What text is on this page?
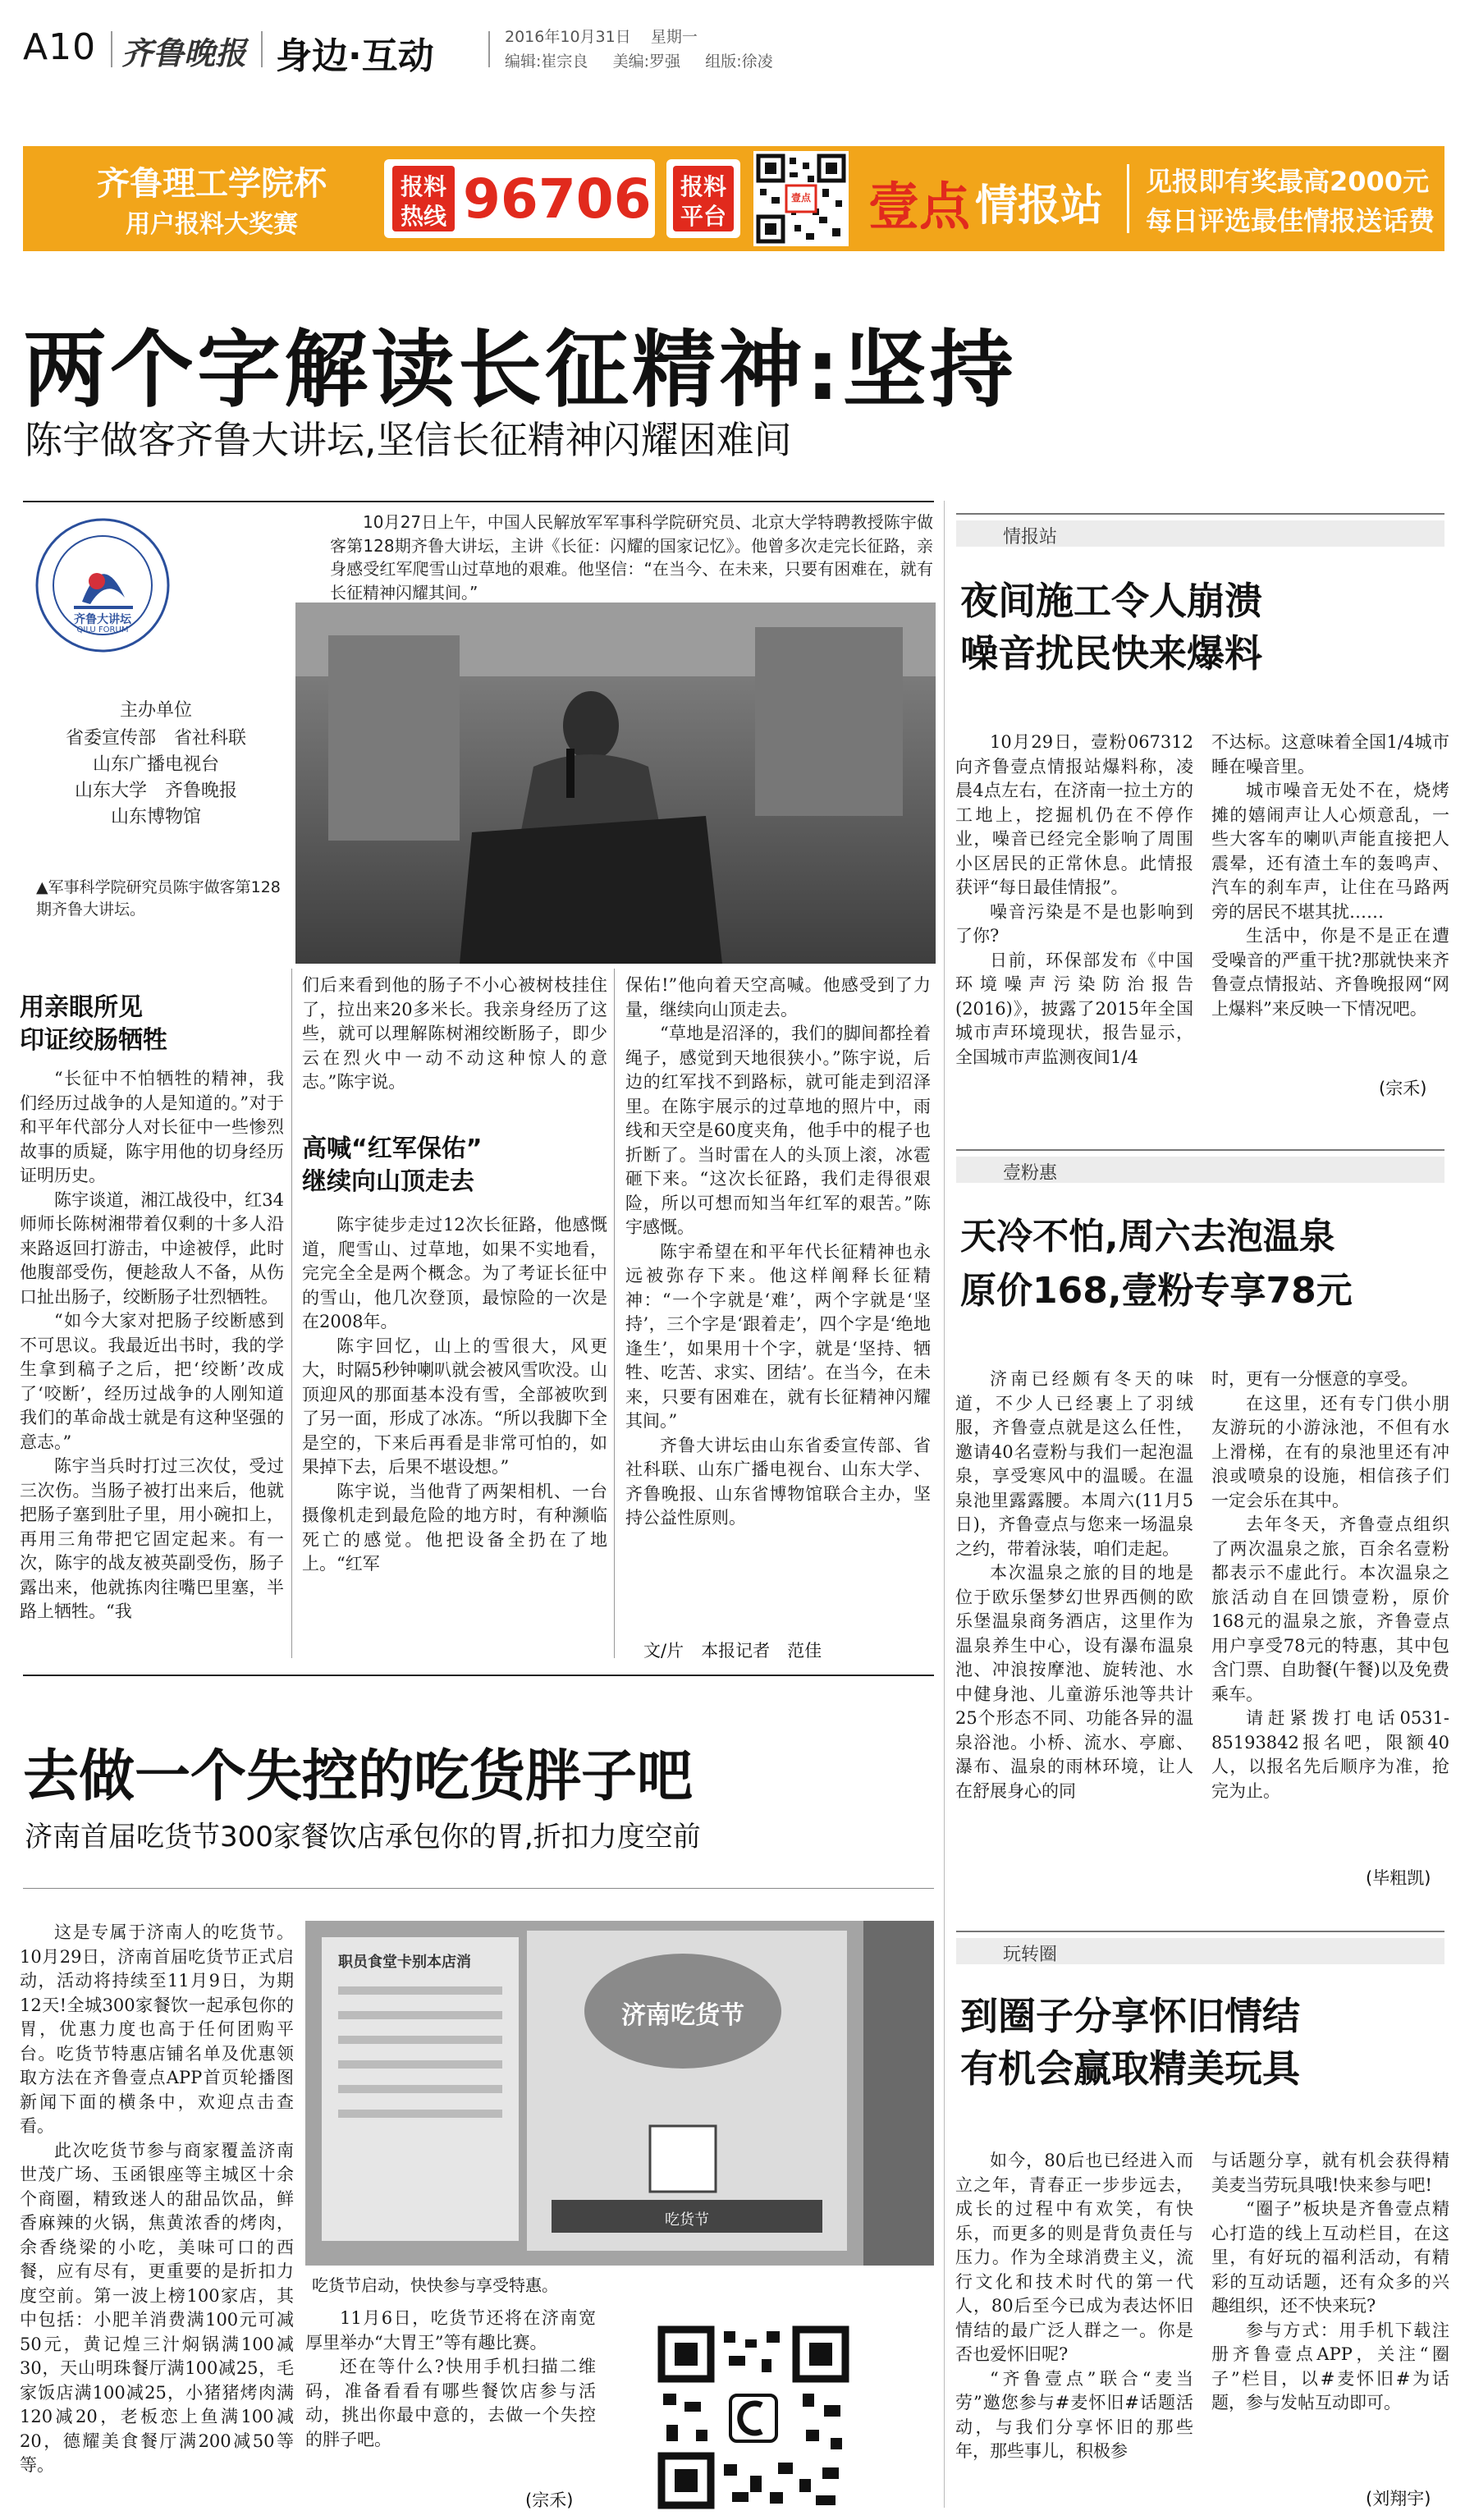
A10 齐鲁晚报 身边·互动	2016年10月31日 星期一
编辑:崔宗良 美编:罗强 组版:徐凌
齐鲁理工学院杯
用户报料大奖赛
报料
热线 96706	报料
平台
壹点 壹点 情报站 见报即有奖最高2000元
每日评选最佳情报送话费
两个字解读长征精神:坚持
陈宇做客齐鲁大讲坛,坚信长征精神闪耀困难间
齐鲁大讲坛
QILU FORUM
主办单位
省委宣传部　省社科联
山东广播电视台
山东大学　齐鲁晚报
山东博物馆
▲军事科学院研究员陈宇做客第128期齐鲁大讲坛。
10月27日上午，中国人民解放军军事科学院研究员、北京大学特聘教授陈宇做客第128期齐鲁大讲坛，主讲《长征：闪耀的国家记忆》。他曾多次走完长征路，亲身感受红军爬雪山过草地的艰难。他坚信：“在当今、在未来，只要有困难在，就有长征精神闪耀其间。”
用亲眼所见
印证绞肠牺牲

“长征中不怕牺牲的精神，我们经历过战争的人是知道的。”对于和平年代部分人对长征中一些惨烈故事的质疑，陈宇用他的切身经历证明历史。

陈宇谈道，湘江战役中，红34师师长陈树湘带着仅剩的十多人沿来路返回打游击，中途被俘，此时他腹部受伤，便趁敌人不备，从伤口扯出肠子，绞断肠子壮烈牺牲。

“如今大家对把肠子绞断感到不可思议。我最近出书时，我的学生拿到稿子之后，把‘绞断’改成了‘咬断’，经历过战争的人刚知道我们的革命战士就是有这种坚强的意志。”

陈宇当兵时打过三次仗，受过三次伤。当肠子被打出来后，他就把肠子塞到肚子里，用小碗扣上，再用三角带把它固定起来。有一次，陈宇的战友被英副受伤，肠子露出来，他就拣肉往嘴巴里塞，半路上牺牲。“我

们后来看到他的肠子不小心被树枝挂住了，拉出来20多米长。我亲身经历了这些，就可以理解陈树湘绞断肠子，即少云在烈火中一动不动这种惊人的意志。”陈宇说。

高喊“红军保佑”
继续向山顶走去

陈宇徒步走过12次长征路，他感慨道，爬雪山、过草地，如果不实地看，完完全全是两个概念。为了考证长征中的雪山，他几次登顶，最惊险的一次是在2008年。

陈宇回忆，山上的雪很大，风更大，时隔5秒钟喇叭就会被风雪吹没。山顶迎风的那面基本没有雪，全部被吹到了另一面，形成了冰冻。“所以我脚下全是空的，下来后再看是非常可怕的，如果掉下去，后果不堪设想。”

陈宇说，当他背了两架相机、一台摄像机走到最危险的地方时，有种濒临死亡的感觉。他把设备全扔在了地上。“红军

保佑!”他向着天空高喊。他感受到了力量，继续向山顶走去。

“草地是沼泽的，我们的脚间都拴着绳子，感觉到天地很狭小。”陈宇说，后边的红军找不到路标，就可能走到沼泽里。在陈宇展示的过草地的照片中，雨线和天空是60度夹角，他手中的棍子也折断了。当时雷在人的头顶上滚，冰雹砸下来。“这次长征路，我们走得很艰险，所以可想而知当年红军的艰苦。”陈宇感慨。

陈宇希望在和平年代长征精神也永远被弥存下来。他这样阐释长征精神：“一个字就是‘难’，两个字就是‘坚持’，三个字是‘跟着走’，四个字是‘绝地逢生’，如果用十个字，就是‘坚持、牺牲、吃苦、求实、团结’。在当今，在未来，只要有困难在，就有长征精神闪耀其间。”

齐鲁大讲坛由山东省委宣传部、省社科联、山东广播电视台、山东大学、齐鲁晚报、山东省博物馆联合主办，坚持公益性原则。

文/片　本报记者　范佳
去做一个失控的吃货胖子吧
济南首届吃货节300家餐饮店承包你的胃,折扣力度空前

这是专属于济南人的吃货节。10月29日，济南首届吃货节正式启动，活动将持续至11月9日，为期12天!全城300家餐饮一起承包你的胃，优惠力度也高于任何团购平台。吃货节特惠店铺名单及优惠领取方法在齐鲁壹点APP首页轮播图新闻下面的横条中，欢迎点击查看。

此次吃货节参与商家覆盖济南世茂广场、玉函银座等主城区十余个商圈，精致迷人的甜品饮品，鲜香麻辣的火锅，焦黄浓香的烤肉，余香绕梁的小吃，美味可口的西餐，应有尽有，更重要的是折扣力度空前。第一波上榜100家店，其中包括：小肥羊消费满100元可减50元，黄记煌三汁焖锅满100减30，天山明珠餐厅满100减25，毛家饭店满100减25，小猪猪烤肉满120减20，老板恋上鱼满100减20，德耀美食餐厅满200减50等等。

职员食堂卡别本店消
济南吃货节
吃货节
吃货节启动，快快参与享受特惠。

11月6日，吃货节还将在济南宽厚里举办“大胃王”等有趣比赛。

还在等什么?快用手机扫描二维码，准备看看有哪些餐饮店参与活动，挑出你最中意的，去做一个失控的胖子吧。

(宗禾)
情报站
夜间施工令人崩溃
噪音扰民快来爆料

10月29日，壹粉067312向齐鲁壹点情报站爆料称，凌晨4点左右，在济南一拉土方的工地上，挖掘机仍在不停作业，噪音已经完全影响了周围小区居民的正常休息。此情报获评“每日最佳情报”。

噪音污染是不是也影响到了你?

日前，环保部发布《中国环境噪声污染防治报告(2016)》，披露了2015年全国城市声环境现状，报告显示，全国城市声监测夜间1/4

不达标。这意味着全国1/4城市睡在噪音里。

城市噪音无处不在，烧烤摊的嬉闹声让人心烦意乱，一些大客车的喇叭声能直接把人震晕，还有渣土车的轰鸣声、汽车的刹车声，让住在马路两旁的居民不堪其扰……

生活中，你是不是正在遭受噪音的严重干扰?那就快来齐鲁壹点情报站、齐鲁晚报网“网上爆料”来反映一下情况吧。

(宗禾)
壹粉惠
天冷不怕,周六去泡温泉
原价168,壹粉专享78元

济南已经颇有冬天的味道，不少人已经裹上了羽绒服，齐鲁壹点就是这么任性，邀请40名壹粉与我们一起泡温泉，享受寒风中的温暖。在温泉池里露露腰。本周六(11月5日)，齐鲁壹点与您来一场温泉之约，带着泳装，咱们走起。

本次温泉之旅的目的地是位于欧乐堡梦幻世界西侧的欧乐堡温泉商务酒店，这里作为温泉养生中心，设有瀑布温泉池、冲浪按摩池、旋转池、水中健身池、儿童游乐池等共计25个形态不同、功能各异的温泉浴池。小桥、流水、亭廊、瀑布、温泉的雨林环境，让人在舒展身心的同

时，更有一分惬意的享受。

在这里，还有专门供小朋友游玩的小游泳池，不但有水上滑梯，在有的泉池里还有冲浪或喷泉的设施，相信孩子们一定会乐在其中。

去年冬天，齐鲁壹点组织了两次温泉之旅，百余名壹粉都表示不虚此行。本次温泉之旅活动自在回馈壹粉，原价168元的温泉之旅，齐鲁壹点用户享受78元的特惠，其中包含门票、自助餐(午餐)以及免费乘车。

请赶紧拨打电话0531-85193842报名吧，限额40人，以报名先后顺序为准，抢完为止。

(毕粗凯)
玩转圈
到圈子分享怀旧情结
有机会赢取精美玩具

如今，80后也已经进入而立之年，青春正一步步远去，成长的过程中有欢笑，有快乐，而更多的则是背负责任与压力。作为全球消费主义，流行文化和技术时代的第一代人，80后至今已成为表达怀旧情结的最广泛人群之一。你是否也爱怀旧呢?

“齐鲁壹点”联合“麦当劳”邀您参与#麦怀旧#话题活动，与我们分享怀旧的那些年，那些事儿，积极参

与话题分享，就有机会获得精美麦当劳玩具哦!快来参与吧!

“圈子”板块是齐鲁壹点精心打造的线上互动栏目，在这里，有好玩的福利活动，有精彩的互动话题，还有众多的兴趣组织，还不快来玩?

参与方式：用手机下载注册齐鲁壹点APP，关注“圈子”栏目，以#麦怀旧#为话题，参与发帖互动即可。

(刘翔宇)
